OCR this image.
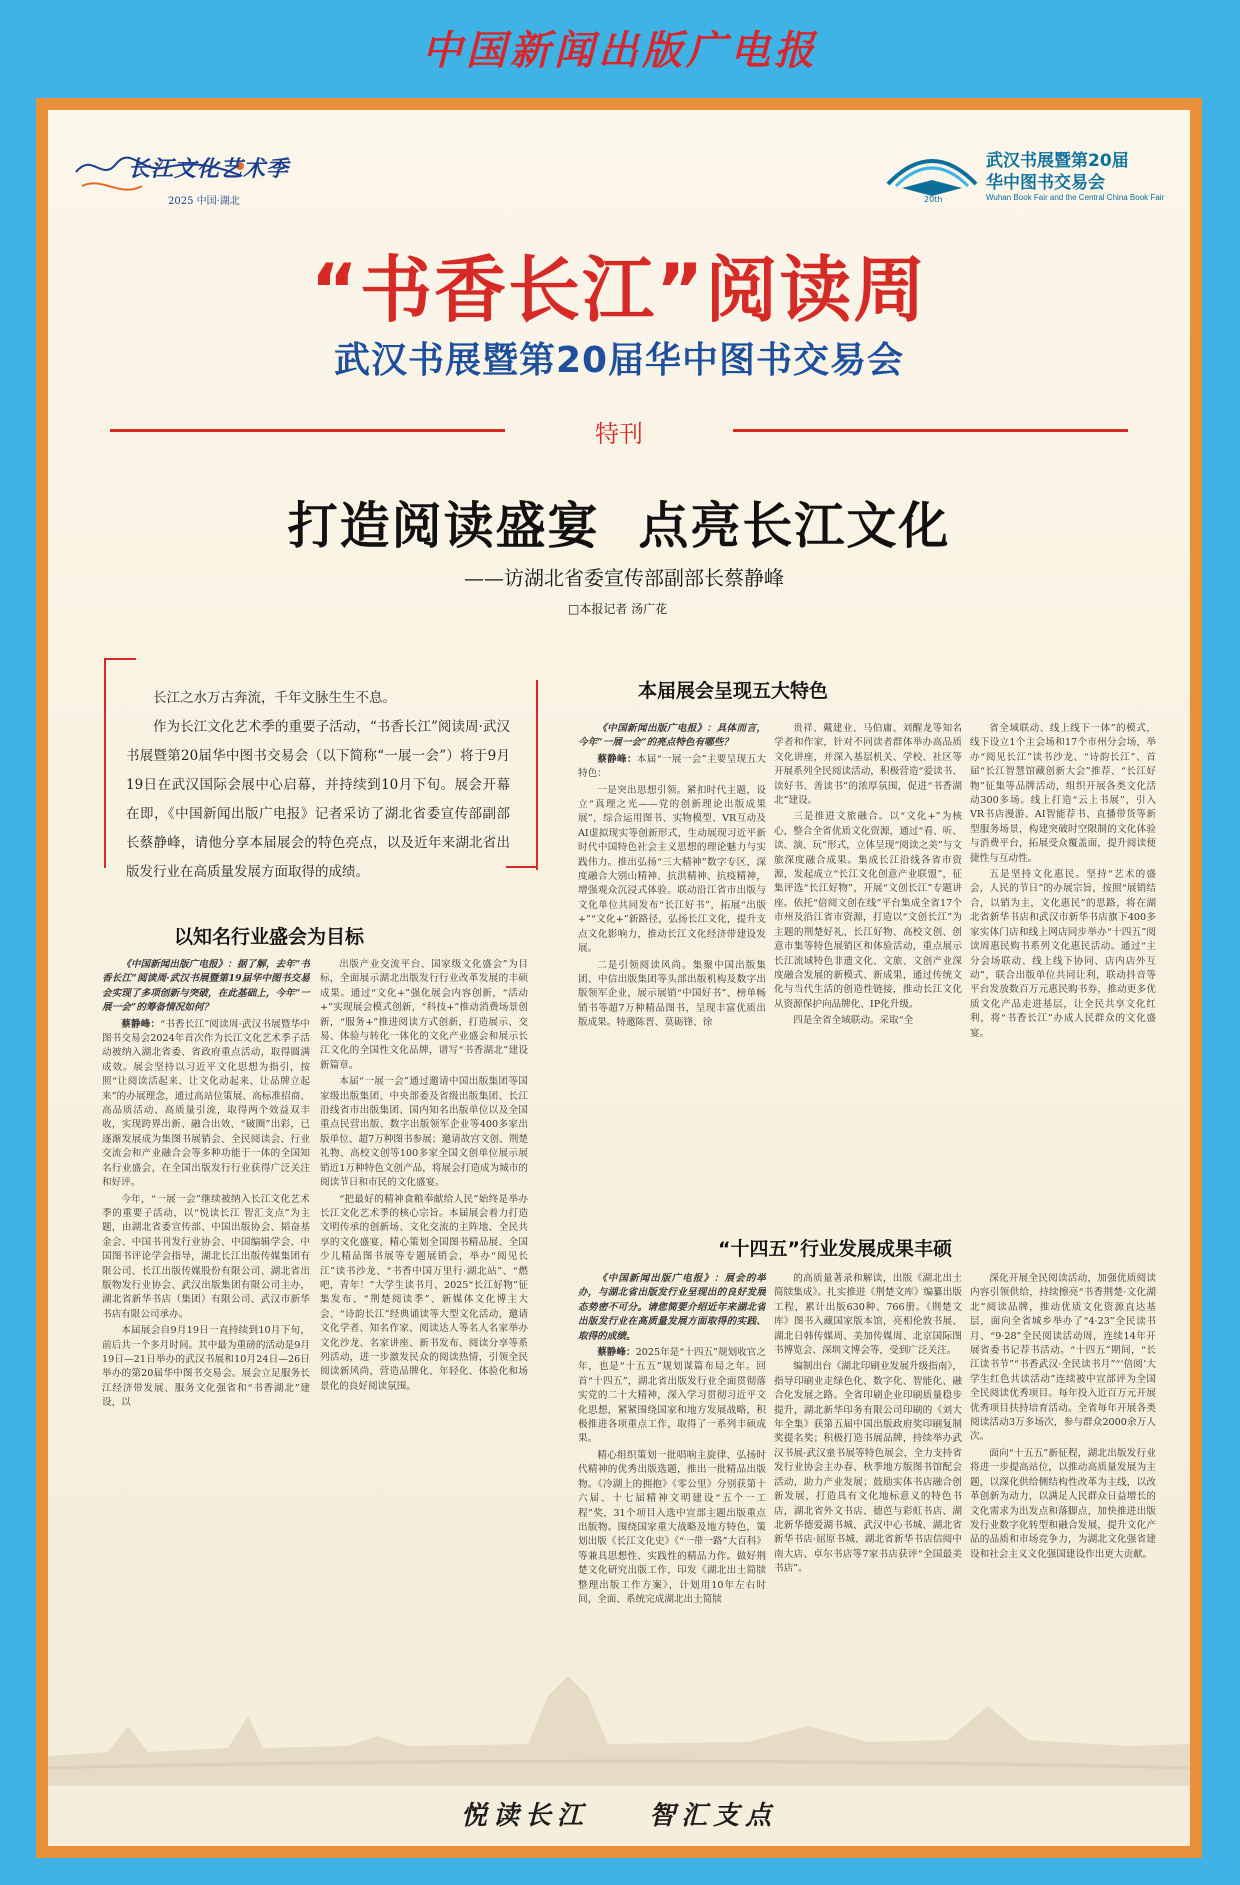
中国新闻出版广电报
长江文化艺术季
2025 中国·湖北	20th
武汉书展暨第20届
华中图书交易会
Wuhan Book Fair and the Central China Book Fair
“书香长江”阅读周
武汉书展暨第20届华中图书交易会
特刊
打造阅读盛宴  点亮长江文化
——访湖北省委宣传部副部长蔡静峰
□本报记者 汤广花

长江之水万古奔流，千年文脉生生不息。

作为长江文化艺术季的重要子活动，“书香长江”阅读周·武汉书展暨第20届华中图书交易会（以下简称“一展一会”）将于9月19日在武汉国际会展中心启幕，并持续到10月下旬。展会开幕在即，《中国新闻出版广电报》记者采访了湖北省委宣传部副部长蔡静峰，请他分享本届展会的特色亮点，以及近年来湖北省出版发行业在高质量发展方面取得的成绩。

以知名行业盛会为目标

《中国新闻出版广电报》：据了解，去年“书香长江”阅读周·武汉书展暨第19届华中图书交易会实现了多项创新与突破，在此基础上，今年“一展一会”的筹备情况如何？

蔡静峰：“书香长江”阅读周·武汉书展暨华中图书交易会2024年首次作为长江文化艺术季子活动被纳入湖北省委、省政府重点活动，取得圆满成效。展会坚持以习近平文化思想为指引，按照“让阅读活起来、让文化动起来、让品牌立起来”的办展理念，通过高站位策展、高标准招商、高品质活动、高质量引流，取得两个效益双丰收，实现跨界出新、融合出效、“破圈”出彩，已逐渐发展成为集图书展销会、全民阅读会、行业交流会和产业融合会等多种功能于一体的全国知名行业盛会，在全国出版发行行业获得广泛关注和好评。

今年，“一展一会”继续被纳入长江文化艺术季的重要子活动，以“悦读长江 智汇支点”为主题，由湖北省委宣传部、中国出版协会、韬奋基金会、中国书刊发行业协会、中国编辑学会、中国图书评论学会指导，湖北长江出版传媒集团有限公司、长江出版传媒股份有限公司、湖北省出版物发行业协会、武汉出版集团有限公司主办，湖北省新华书店（集团）有限公司、武汉市新华书店有限公司承办。

本届展会自9月19日一直持续到10月下旬，前后共一个多月时间。其中最为重磅的活动是9月19日—21日举办的武汉书展和10月24日—26日举办的第20届华中图书交易会。展会立足服务长江经济带发展、服务文化强省和“书香湖北”建设，以

出版产业交流平台、国家级文化盛会”为目标，全面展示湖北出版发行行业改革发展的丰硕成果。通过“文化+”强化展会内容创新，“活动+”实现展会模式创新，“科技+”推动消费场景创新，“服务+”推进阅读方式创新，打造展示、交易、体验与转化一体化的文化产业盛会和展示长江文化的全国性文化品牌，谱写“书香湖北”建设新篇章。

本届“一展一会”通过邀请中国出版集团等国家级出版集团、中央部委及省级出版集团、长江沿线省市出版集团、国内知名出版单位以及全国重点民营出版、数字出版领军企业等400多家出版单位、超7万种图书参展；邀请故宫文创、荆楚礼物、高校文创等100多家全国文创单位展示展销近1万种特色文创产品，将展会打造成为城市的阅读节日和市民的文化盛宴。

“把最好的精神食粮奉献给人民”始终是举办长江文化艺术季的核心宗旨。本届展会着力打造文明传承的创新场、文化交流的主阵地、全民共享的文化盛宴，精心策划全国图书精品展、全国少儿精品图书展等专题展销会，举办“阅见长江”读书沙龙、“书香中国万里行·湖北站”、“燃吧，青年！”大学生读书月、2025“长江好物”征集发布、“荆楚阅读季”、新媒体文化博主大会、“诗韵长江”经典诵读等大型文化活动，邀请文化学者、知名作家、阅读达人等名人名家举办文化沙龙、名家讲座、新书发布、阅读分享等系列活动，进一步激发民众的阅读热情，引领全民阅读新风尚，营造品牌化、年轻化、体验化和场景化的良好阅读氛围。

本届展会呈现五大特色

《中国新闻出版广电报》：具体而言，今年“一展一会”的亮点特色有哪些？

蔡静峰：本届“一展一会”主要呈现五大特色：

一是突出思想引领。紧扣时代主题，设立“真理之光——党的创新理论出版成果展”，综合运用图书、实物模型、VR互动及AI虚拟现实等创新形式，生动展现习近平新时代中国特色社会主义思想的理论魅力与实践伟力。推出弘扬“三大精神”数字专区，深度融合大别山精神、抗洪精神、抗疫精神，增强观众沉浸式体验。联动沿江省市出版与文化单位共同发布“长江好书”，拓展“出版+”“文化+”新路径，弘扬长江文化，提升支点文化影响力，推动长江文化经济带建设发展。

二是引领阅读风尚。集聚中国出版集团、中信出版集团等头部出版机构及数字出版领军企业，展示展销“中国好书”、榜单畅销书等超7万种精品图书，呈现丰富优质出版成果。特邀陈晋、莫砺锋、徐

贵祥、戴建业、马伯庸、刘醒龙等知名学者和作家，针对不同读者群体举办高品质文化讲座，并深入基层机关、学校、社区等开展系列全民阅读活动，积极营造“爱读书、读好书、善读书”的浓厚氛围，促进“书香湖北”建设。

三是推进文旅融合。以“文化+”为核心，整合全省优质文化资源，通过“看、听、读、演、玩”形式，立体呈现“阅读之美”与文旅深度融合成果。集成长江沿线各省市资源，发起成立“长江文化创意产业联盟”，征集评选“长江好物”，开展“文创长江”专题讲座。依托“倍阅文创在线”平台集成全省17个市州及沿江省市资源，打造以“文创长江”为主题的荆楚好礼、长江好物、高校文创、创意市集等特色展销区和体验活动，重点展示长江流域特色非遗文化、文旅、文创产业深度融合发展的新模式、新成果，通过传统文化与当代生活的创造性链接，推动长江文化从资源保护向品牌化、IP化升级。

四是全省全域联动。采取“全

省全域联动、线上线下一体”的模式，线下设立1个主会场和17个市州分会场，举办“阅见长江”读书沙龙、“诗韵长江”、首届“长江智慧馆藏创新大会”推荐、“长江好物”征集等品牌活动，组织开展各类文化活动300多场。线上打造“云上书展”，引入VR书店漫游、AI智能荐书、直播带货等新型服务场景，构建突破时空限制的文化体验与消费平台，拓展受众覆盖面，提升阅读便捷性与互动性。

五是坚持文化惠民。坚持“艺术的盛会，人民的节日”的办展宗旨，按照“展销结合，以销为主，文化惠民”的思路，将在湖北省新华书店和武汉市新华书店旗下400多家实体门店和线上网店同步举办“十四五”阅读周惠民购书系列文化惠民活动。通过“主分会场联动、线上线下协同、店内店外互动”，联合出版单位共同让利，联动抖音等平台发放数百万元惠民购书券，推动更多优质文化产品走进基层，让全民共享文化红利，将“书香长江”办成人民群众的文化盛宴。

“十四五”行业发展成果丰硕

《中国新闻出版广电报》：展会的举办，与湖北省出版发行业呈现出的良好发展态势密不可分。请您简要介绍近年来湖北省出版发行业在高质量发展方面取得的实践、取得的成绩。

蔡静峰：2025年是“十四五”规划收官之年，也是“十五五”规划谋篇布局之年。回首“十四五”，湖北省出版发行业全面贯彻落实党的二十大精神，深入学习贯彻习近平文化思想，紧紧围绕国家和地方发展战略，积极推进各项重点工作，取得了一系列丰硕成果。

精心组织策划一批唱响主旋律、弘扬时代精神的优秀出版选题，推出一批精品出版物。《冷湖上的拥抱》《零公里》分别获第十六届、十七届精神文明建设“五个一工程”奖，31个项目入选中宣部主题出版重点出版物。围绕国家重大战略及地方特色，策划出版《长江文化史》《“一带一路”大百科》等兼具思想性、实践性的精品力作。做好荆楚文化研究出版工作，印发《湖北出土简牍整理出版工作方案》，计划用10年左右时间，全面、系统完成湖北出土简牍

的高质量著录和解读，出版《湖北出土简牍集成》。扎实推进《荆楚文库》编纂出版工程，累计出版630种、766册。《荆楚文库》图书入藏国家版本馆，亮相伦敦书展、湖北日韩传媒周、美加传媒周、北京国际图书博览会、深圳文博会等，受到广泛关注。

编制出台《湖北印刷业发展升级指南》，指导印刷业走绿色化、数字化、智能化、融合化发展之路。全省印刷企业印刷质量稳步提升，湖北新华印务有限公司印刷的《刘大年全集》获第五届中国出版政府奖印刷复制奖提名奖；积极打造书展品牌，持续举办武汉书展·武汉童书展等特色展会，全力支持省发行业协会主办春、秋季地方版图书馆配会活动，助力产业发展；鼓励实体书店融合创新发展，打造具有文化地标意义的特色书店，湖北省外文书店、德芭与彩虹书店、湖北新华德爱湖书城、武汉中心书城、湖北省新华书店·屈原书城、湖北省新华书店信阅中南大店、卓尔书店等7家书店获评“全国最美书店”。

深化开展全民阅读活动，加强优质阅读内容引领供给，持续擦亮“书香荆楚·文化湖北”阅读品牌，推动优质文化资源直达基层，面向全省城乡举办了“4·23”全民读书月、“9·28”全民阅读活动周，连续14年开展省委书记荐书活动。“十四五”期间，“长江读书节”“书香武汉·全民读书月”“‘倍阅’大学生红色共读活动”连续被中宣部评为全国全民阅读优秀项目。每年投入近百万元开展优秀项目扶持培育活动。全省每年开展各类阅读活动3万多场次，参与群众2000余万人次。

面向“十五五”新征程，湖北出版发行业将进一步提高站位，以推动高质量发展为主题，以深化供给侧结构性改革为主线，以改革创新为动力，以满足人民群众日益增长的文化需求为出发点和落脚点，加快推进出版发行业数字化转型和融合发展，提升文化产品的品质和市场竞争力，为湖北文化强省建设和社会主义文化强国建设作出更大贡献。

悦读长江    智汇支点
